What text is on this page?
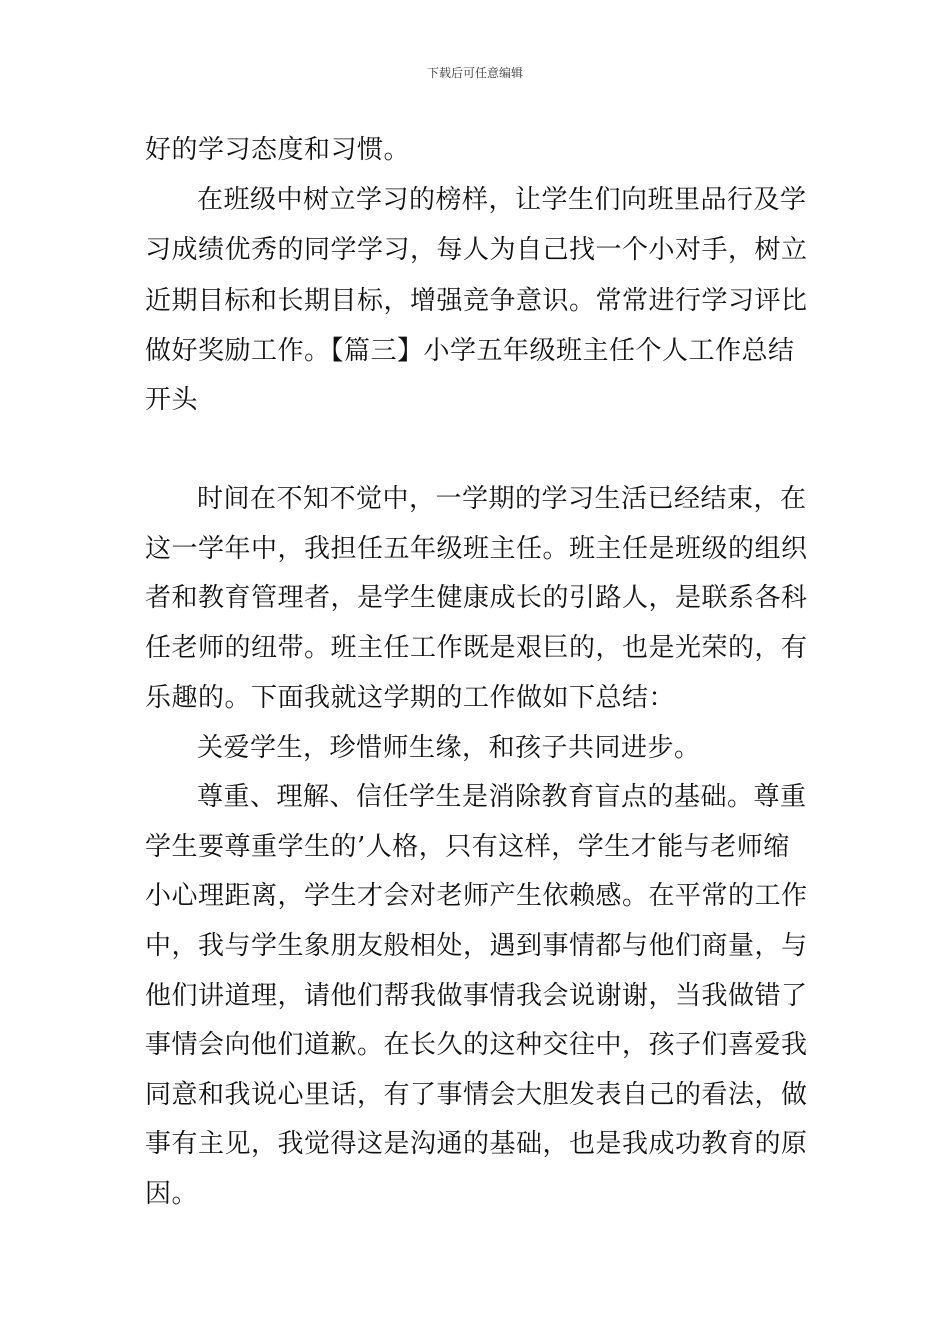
下载后可任意编辑
好的学习态度和习惯。
在班级中树立学习的榜样，让学生们向班里品行及学
习成绩优秀的同学学习，每人为自己找一个小对手，树立
近期目标和长期目标，增强竞争意识。常常进行学习评比
做好奖励工作。【篇三】小学五年级班主任个人工作总结
开头
时间在不知不觉中，一学期的学习生活已经结束，在
这一学年中，我担任五年级班主任。班主任是班级的组织
者和教育管理者，是学生健康成长的引路人，是联系各科
任老师的纽带。班主任工作既是艰巨的，也是光荣的，有
乐趣的。下面我就这学期的工作做如下总结：
关爱学生，珍惜师生缘，和孩子共同进步。
尊重、理解、信任学生是消除教育盲点的基础。尊重
学生要尊重学生的’人格，只有这样，学生才能与老师缩
小心理距离，学生才会对老师产生依赖感。在平常的工作
中，我与学生象朋友般相处，遇到事情都与他们商量，与
他们讲道理，请他们帮我做事情我会说谢谢，当我做错了
事情会向他们道歉。在长久的这种交往中，孩子们喜爱我
同意和我说心里话，有了事情会大胆发表自己的看法，做
事有主见，我觉得这是沟通的基础，也是我成功教育的原
因。
